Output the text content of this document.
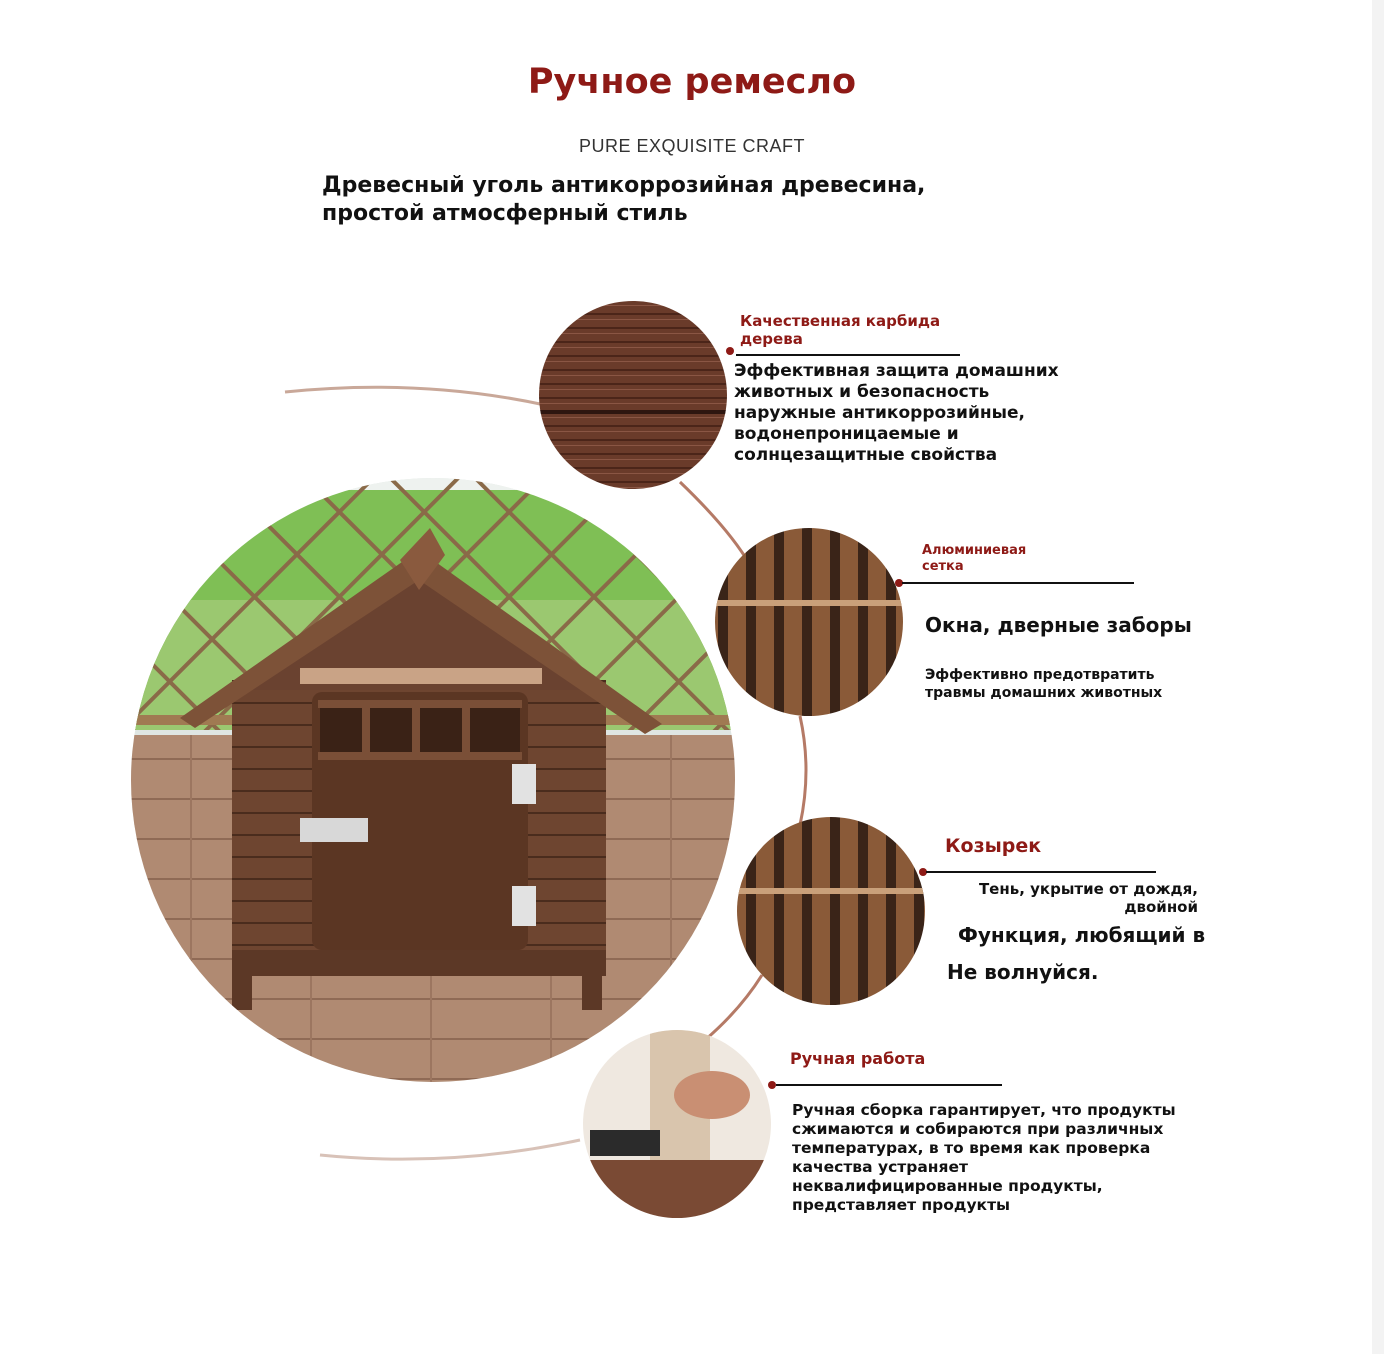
Ручное ремесло
PURE EXQUISITE CRAFT
Древесный уголь антикоррозийная древесина, простой атмосферный стиль
Качественная карбида дерева
Эффективная защита домашних животных и безопасность наружные антикоррозийные, водонепроницаемые и солнцезащитные свойства
Алюминиевая сетка
Окна, дверные заборы
Эффективно предотвратить травмы домашних животных
Козырек
Тень, укрытие от дождя, двойной
Функция, любящий в
Не волнуйся.
Ручная работа
Ручная сборка гарантирует, что продукты сжимаются и собираются при различных температурах, в то время как проверка качества устраняет неквалифицированные продукты, представляет продукты
